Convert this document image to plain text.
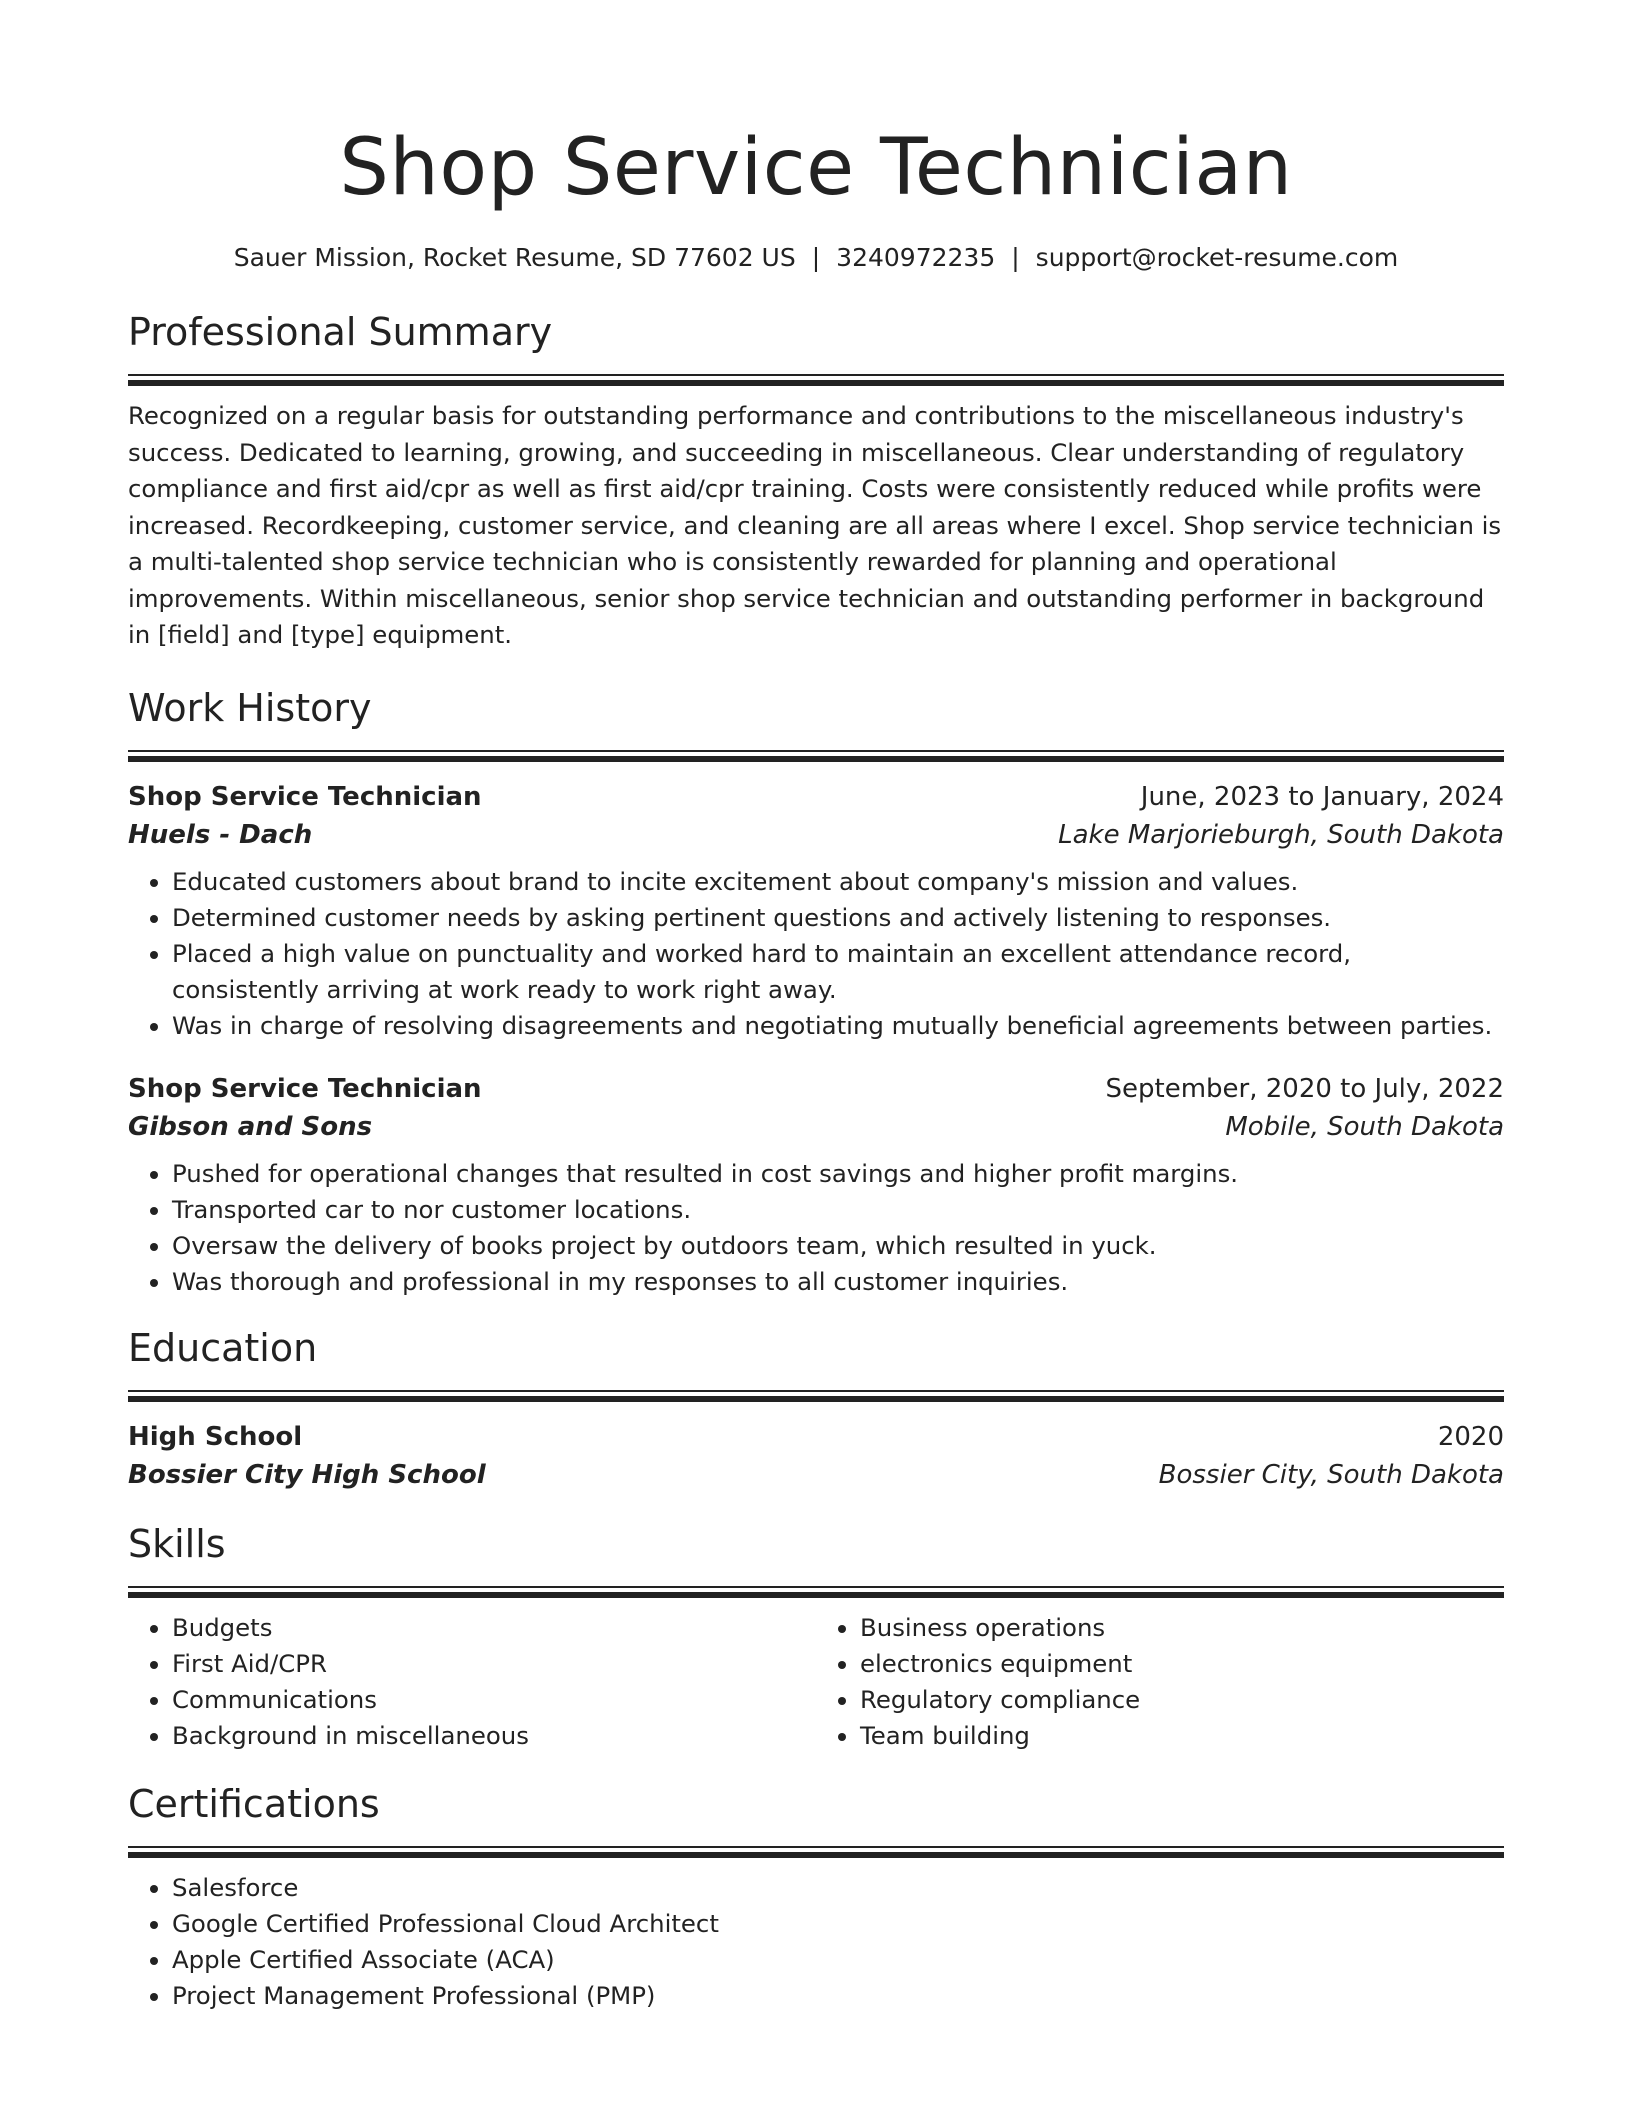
Shop Service Technician
Sauer Mission, Rocket Resume, SD 77602 US | 3240972235 | support@rocket-resume.com
Professional Summary
Recognized on a regular basis for outstanding performance and contributions to the miscellaneous industry's success. Dedicated to learning, growing, and succeeding in miscellaneous. Clear understanding of regulatory compliance and first aid/cpr as well as first aid/cpr training. Costs were consistently reduced while profits were increased. Recordkeeping, customer service, and cleaning are all areas where I excel. Shop service technician is a multi-talented shop service technician who is consistently rewarded for planning and operational improvements. Within miscellaneous, senior shop service technician and outstanding performer in background in [field] and [type] equipment.
Work History
Shop Service Technician	June, 2023 to January, 2024
Huels - Dach	Lake Marjorieburgh, South Dakota
• Educated customers about brand to incite excitement about company's mission and values.
• Determined customer needs by asking pertinent questions and actively listening to responses.
• Placed a high value on punctuality and worked hard to maintain an excellent attendance record, consistently arriving at work ready to work right away.
• Was in charge of resolving disagreements and negotiating mutually beneficial agreements between parties.
Shop Service Technician	September, 2020 to July, 2022
Gibson and Sons	Mobile, South Dakota
• Pushed for operational changes that resulted in cost savings and higher profit margins.
• Transported car to nor customer locations.
• Oversaw the delivery of books project by outdoors team, which resulted in yuck.
• Was thorough and professional in my responses to all customer inquiries.
Education
High School	2020
Bossier City High School	Bossier City, South Dakota
Skills
• Budgets
• First Aid/CPR
• Communications
• Background in miscellaneous
• Business operations
• electronics equipment
• Regulatory compliance
• Team building
Certifications
• Salesforce
• Google Certified Professional Cloud Architect
• Apple Certified Associate (ACA)
• Project Management Professional (PMP)
